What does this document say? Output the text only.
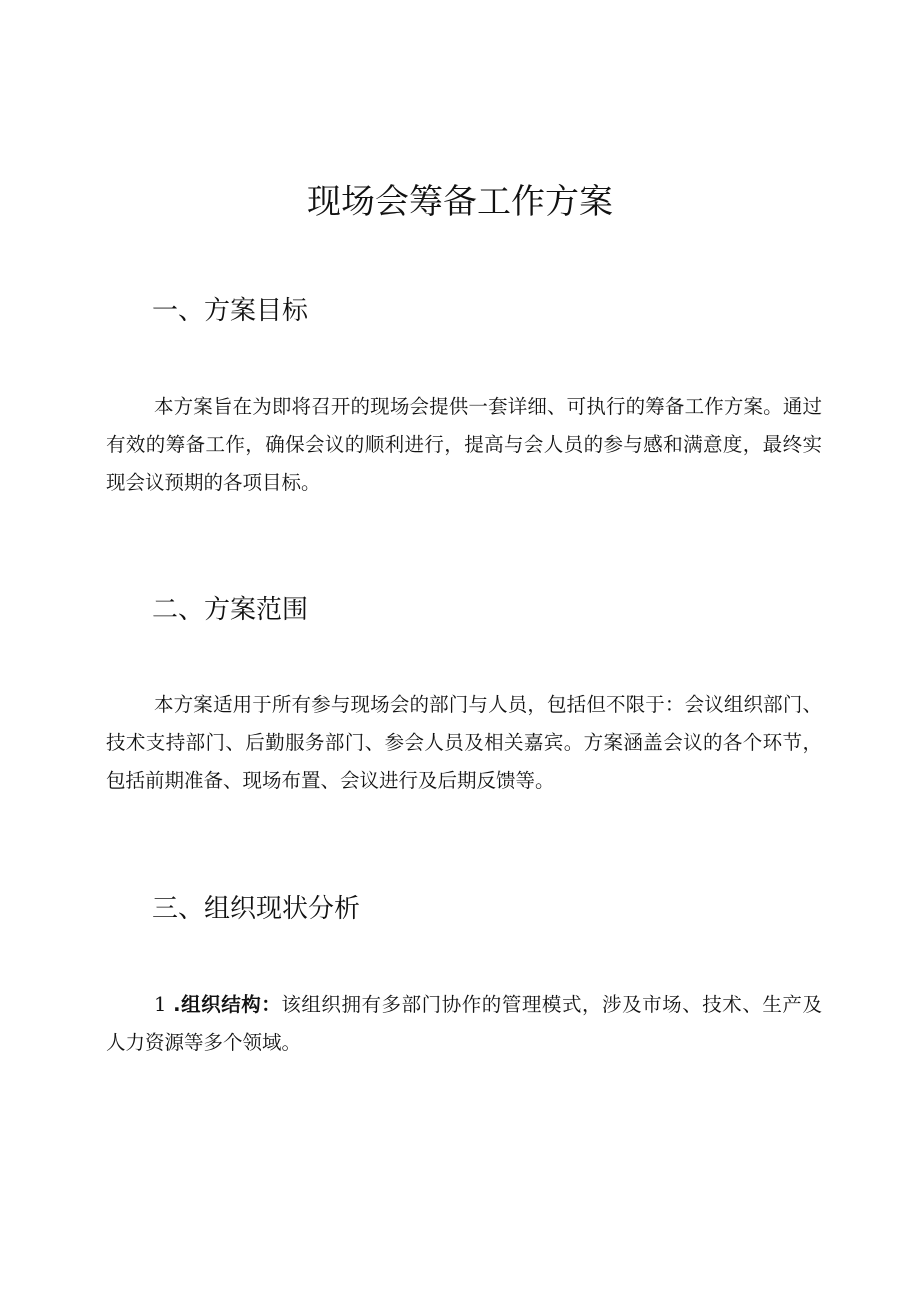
现场会筹备工作方案
一、方案目标

本方案旨在为即将召开的现场会提供一套详细、可执行的筹备工作方案。通过有效的筹备工作，确保会议的顺利进行，提高与会人员的参与感和满意度，最终实现会议预期的各项目标。

二、方案范围

本方案适用于所有参与现场会的部门与人员，包括但不限于：会议组织部门、技术支持部门、后勤服务部门、参会人员及相关嘉宾。方案涵盖会议的各个环节，包括前期准备、现场布置、会议进行及后期反馈等。

三、组织现状分析

1 .组织结构：该组织拥有多部门协作的管理模式，涉及市场、技术、生产及人力资源等多个领域。
